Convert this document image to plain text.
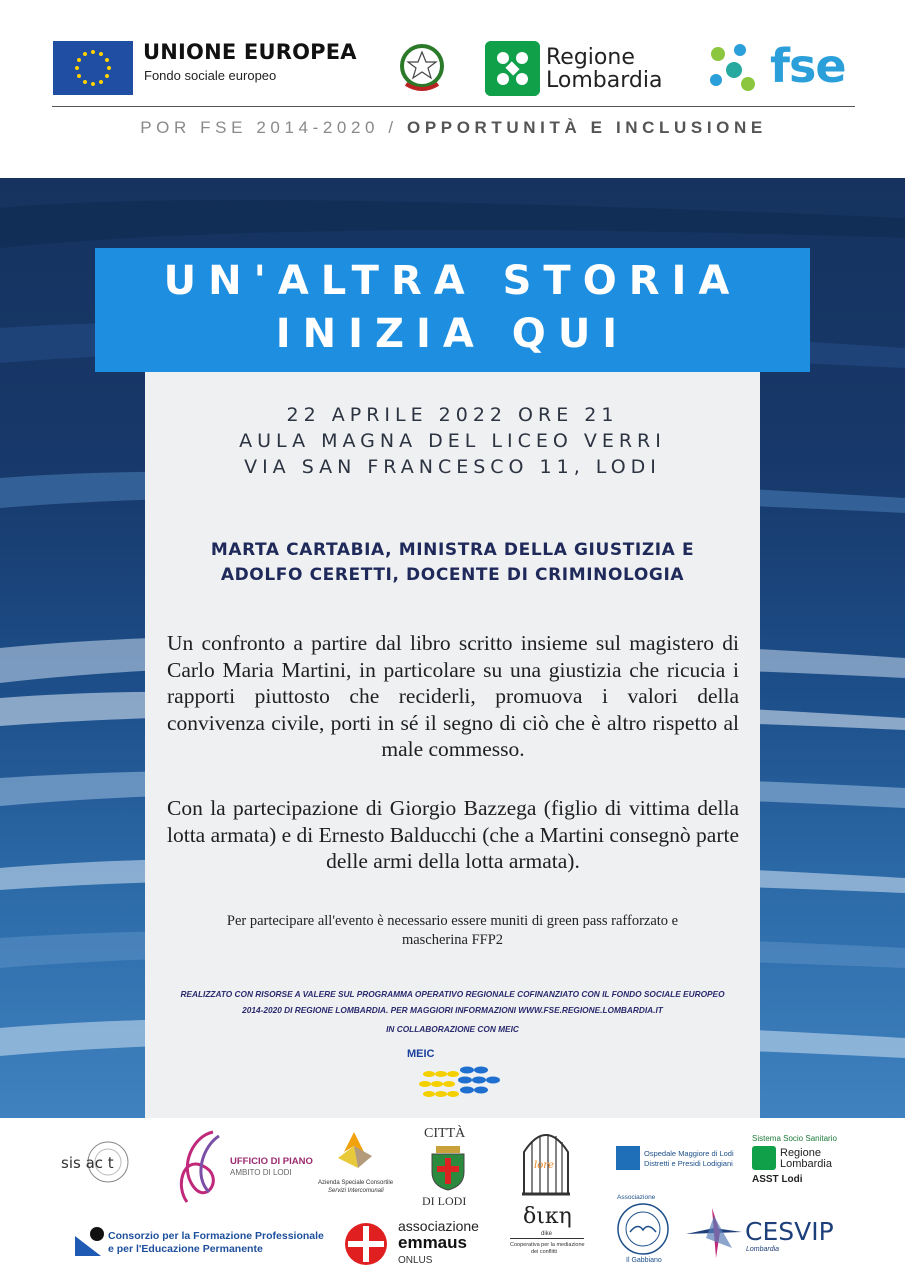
UNIONE EUROPEA
Fondo sociale europeo
Regione
Lombardia fse
POR FSE 2014-2020 / OPPORTUNITÀ E INCLUSIONE
UN'ALTRA STORIA
INIZIA QUI
22 APRILE 2022 ORE 21
AULA MAGNA DEL LICEO VERRI
VIA SAN FRANCESCO 11, LODI
MARTA CARTABIA, MINISTRA DELLA GIUSTIZIA E
ADOLFO CERETTI, DOCENTE DI CRIMINOLOGIA

Un confronto a partire dal libro scritto insieme sul magistero di Carlo Maria Martini, in particolare su una giustizia che ricucia i rapporti piuttosto che reciderli, promuova i valori della convivenza civile, porti in sé il segno di ciò che è altro rispetto al male commesso.

Con la partecipazione di Giorgio Bazzega (figlio di vittima della lotta armata) e di Ernesto Balducchi (che a Martini consegnò parte delle armi della lotta armata).

Per partecipare all'evento è necessario essere muniti di green pass rafforzato e
mascherina FFP2
REALIZZATO CON RISORSE A VALERE SUL PROGRAMMA OPERATIVO REGIONALE COFINANZIATO CON IL FONDO SOCIALE EUROPEO
2014-2020 DI REGIONE LOMBARDIA. PER MAGGIORI INFORMAZIONI WWW.FSE.REGIONE.LOMBARDIA.IT
IN COLLABORAZIONE CON MEIC
MEIC
sis ac t	UFFICIO DI PIANO
AMBITO DI LODI
Azienda Speciale Consortile
Servizi Intercomunali
CITTÀ
DI LODI
lore
δικη
dike
Cooperativa per la mediazione
dei conflitti
Ospedale Maggiore di Lodi
Distretti e Presidi Lodigiani
Sistema Socio Sanitario
Regione
Lombardia
ASST Lodi
Consorzio per la Formazione Professionale
e per l'Educazione Permanente
associazione
emmaus
ONLUS
Associazione
Il Gabbiano
CESVIP
Lombardia
